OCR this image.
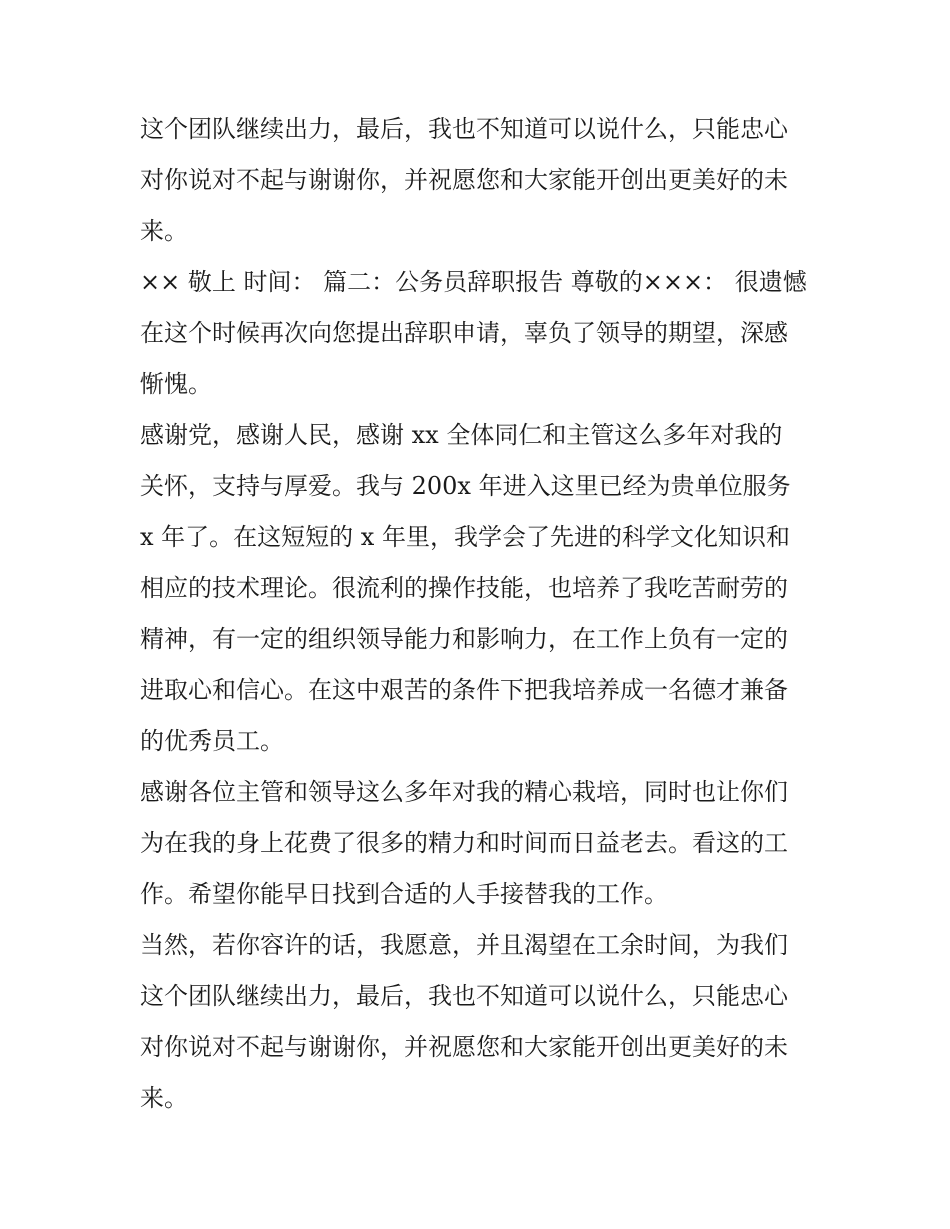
这个团队继续出力，最后，我也不知道可以说什么，只能忠心
对你说对不起与谢谢你，并祝愿您和大家能开创出更美好的未
来。
×× 敬上 时间： 篇二：公务员辞职报告 尊敬的×××： 很遗憾
在这个时候再次向您提出辞职申请，辜负了领导的期望，深感
惭愧。
感谢党，感谢人民，感谢 xx 全体同仁和主管这么多年对我的
关怀，支持与厚爱。我与 200x 年进入这里已经为贵单位服务
x 年了。在这短短的 x 年里，我学会了先进的科学文化知识和
相应的技术理论。很流利的操作技能，也培养了我吃苦耐劳的
精神，有一定的组织领导能力和影响力，在工作上负有一定的
进取心和信心。在这中艰苦的条件下把我培养成一名德才兼备
的优秀员工。
感谢各位主管和领导这么多年对我的精心栽培，同时也让你们
为在我的身上花费了很多的精力和时间而日益老去。看这的工
作。希望你能早日找到合适的人手接替我的工作。
当然，若你容许的话，我愿意，并且渴望在工余时间，为我们
这个团队继续出力，最后，我也不知道可以说什么，只能忠心
对你说对不起与谢谢你，并祝愿您和大家能开创出更美好的未
来。
